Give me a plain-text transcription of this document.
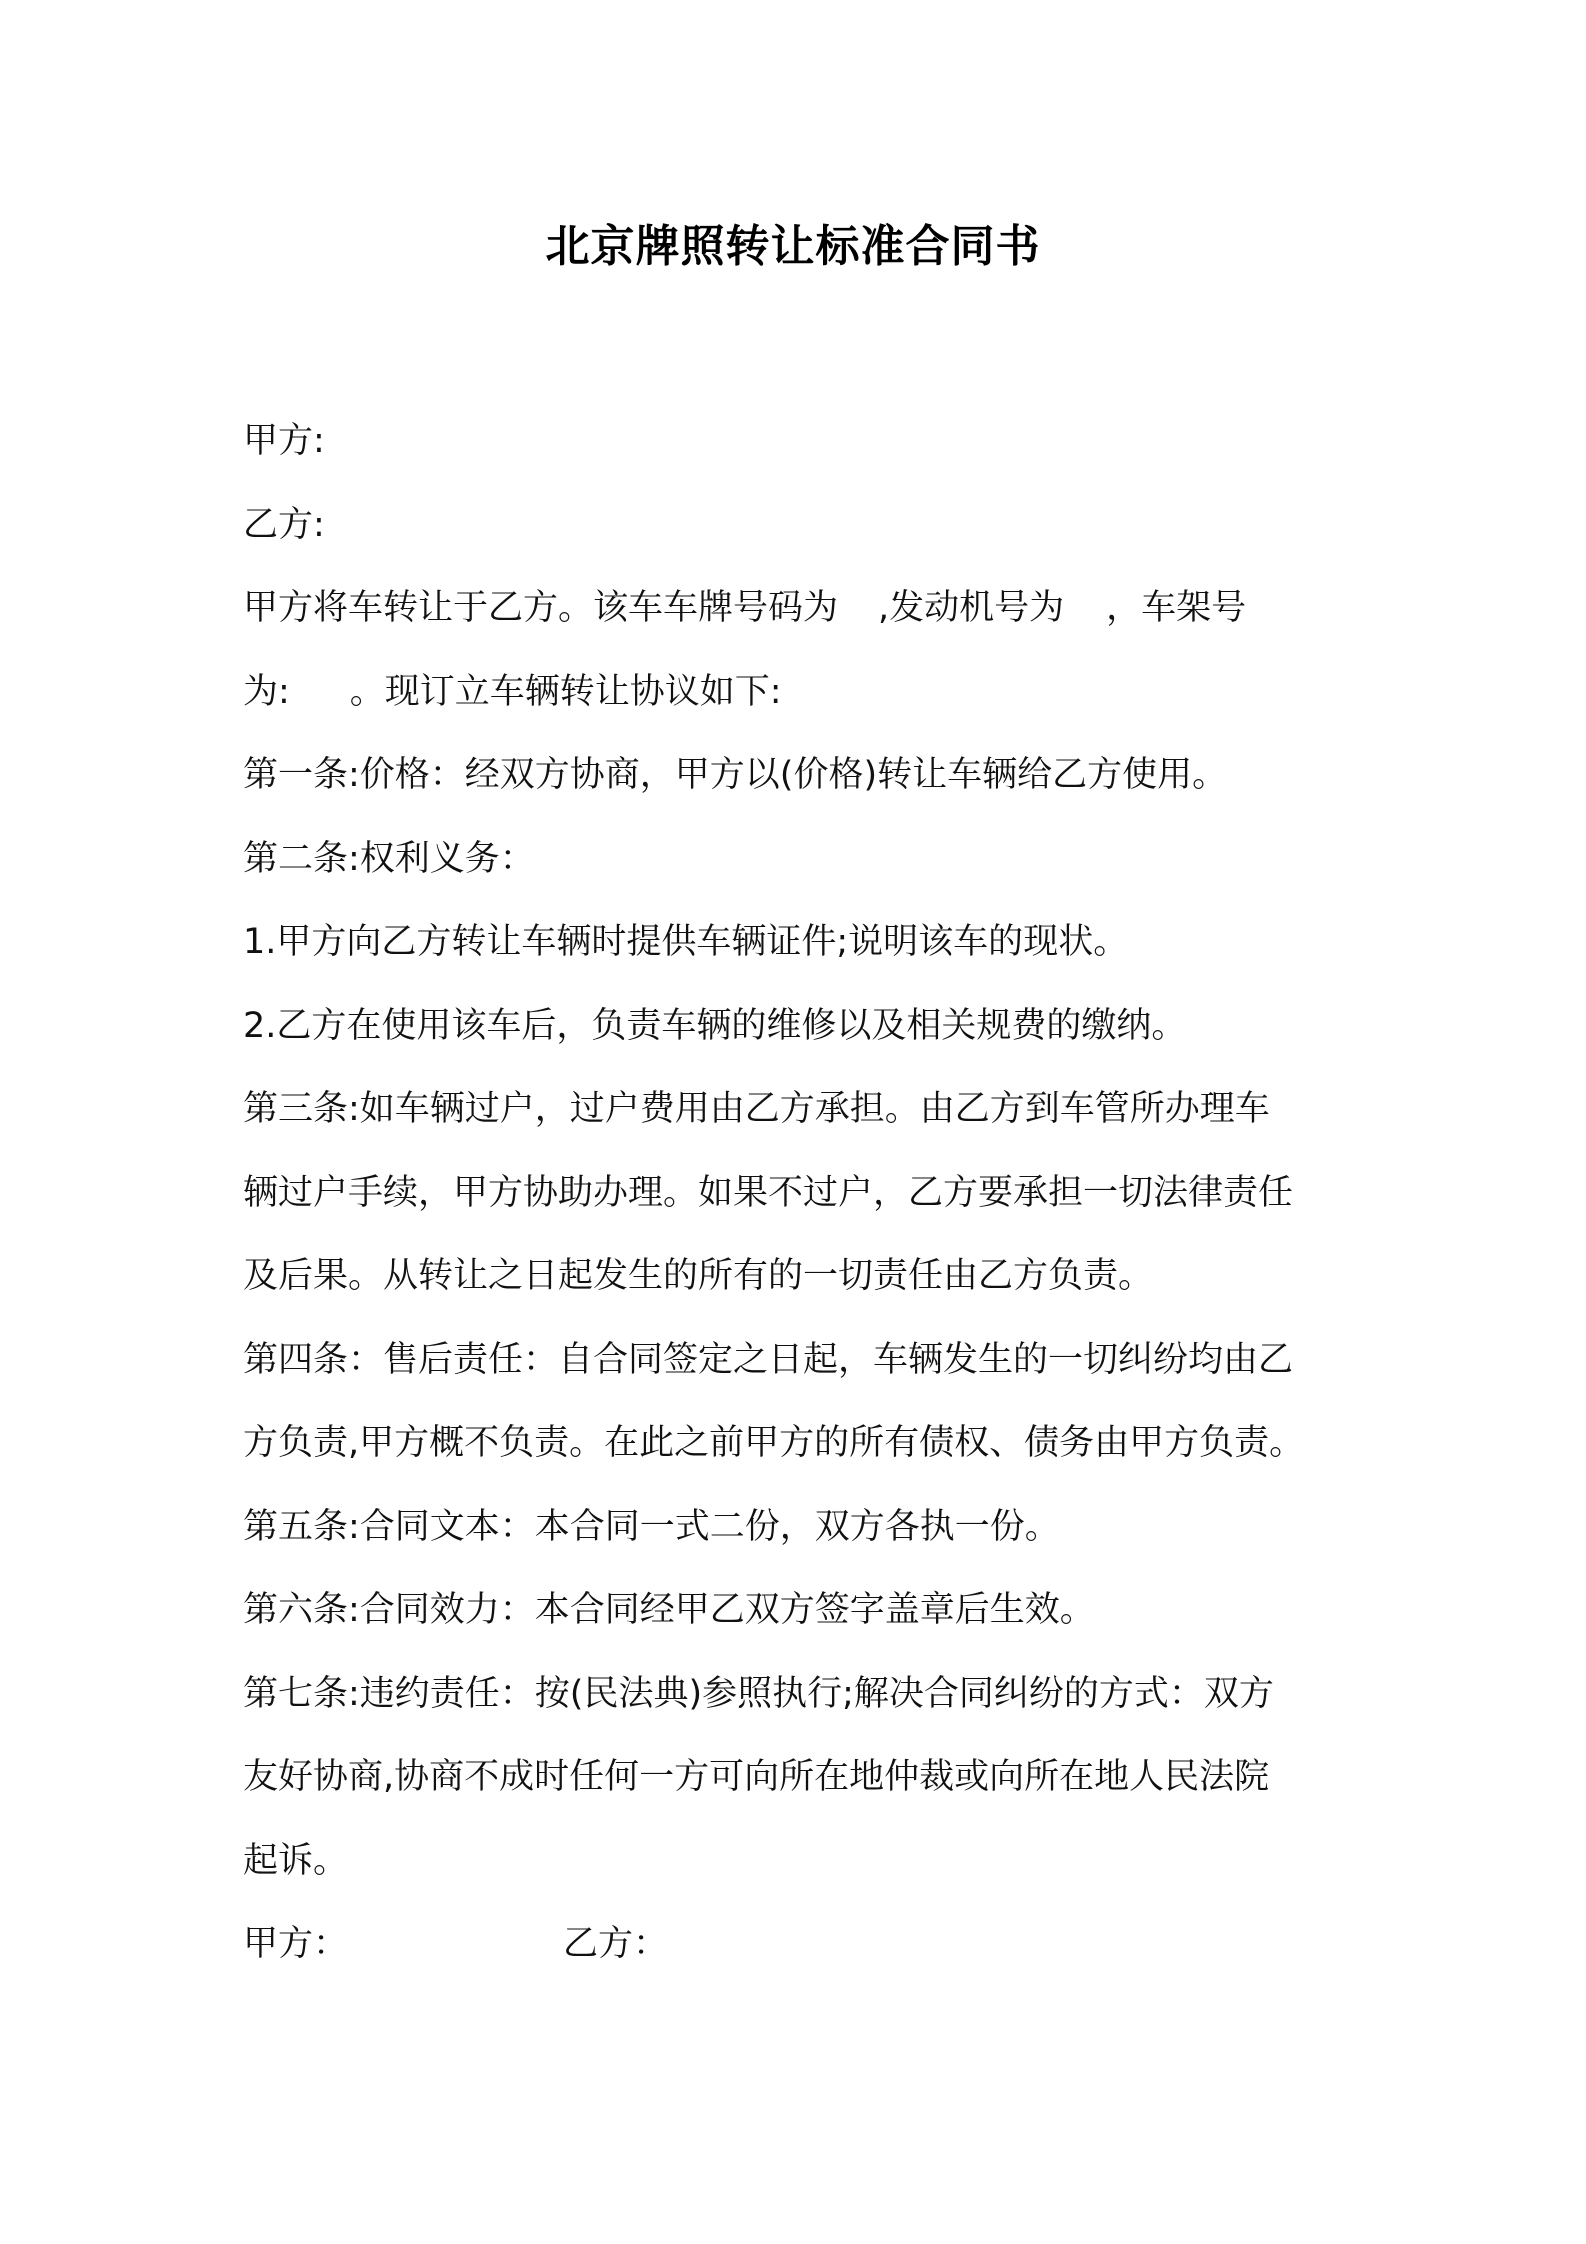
北京牌照转让标准合同书
甲方:
乙方:
甲方将车转让于乙方。该车车牌号码为 ,发动机号为 ，车架号
为: 。现订立车辆转让协议如下:
第一条:价格：经双方协商，甲方以(价格)转让车辆给乙方使用。
第二条:权利义务：
1.甲方向乙方转让车辆时提供车辆证件;说明该车的现状。
2.乙方在使用该车后，负责车辆的维修以及相关规费的缴纳。
第三条:如车辆过户，过户费用由乙方承担。由乙方到车管所办理车
辆过户手续，甲方协助办理。如果不过户，乙方要承担一切法律责任
及后果。从转让之日起发生的所有的一切责任由乙方负责。
第四条：售后责任：自合同签定之日起，车辆发生的一切纠纷均由乙
方负责,甲方概不负责。在此之前甲方的所有债权、债务由甲方负责。
第五条:合同文本：本合同一式二份，双方各执一份。
第六条:合同效力：本合同经甲乙双方签字盖章后生效。
第七条:违约责任：按(民法典)参照执行;解决合同纠纷的方式：双方
友好协商,协商不成时任何一方可向所在地仲裁或向所在地人民法院
起诉。
甲方：	乙方：
